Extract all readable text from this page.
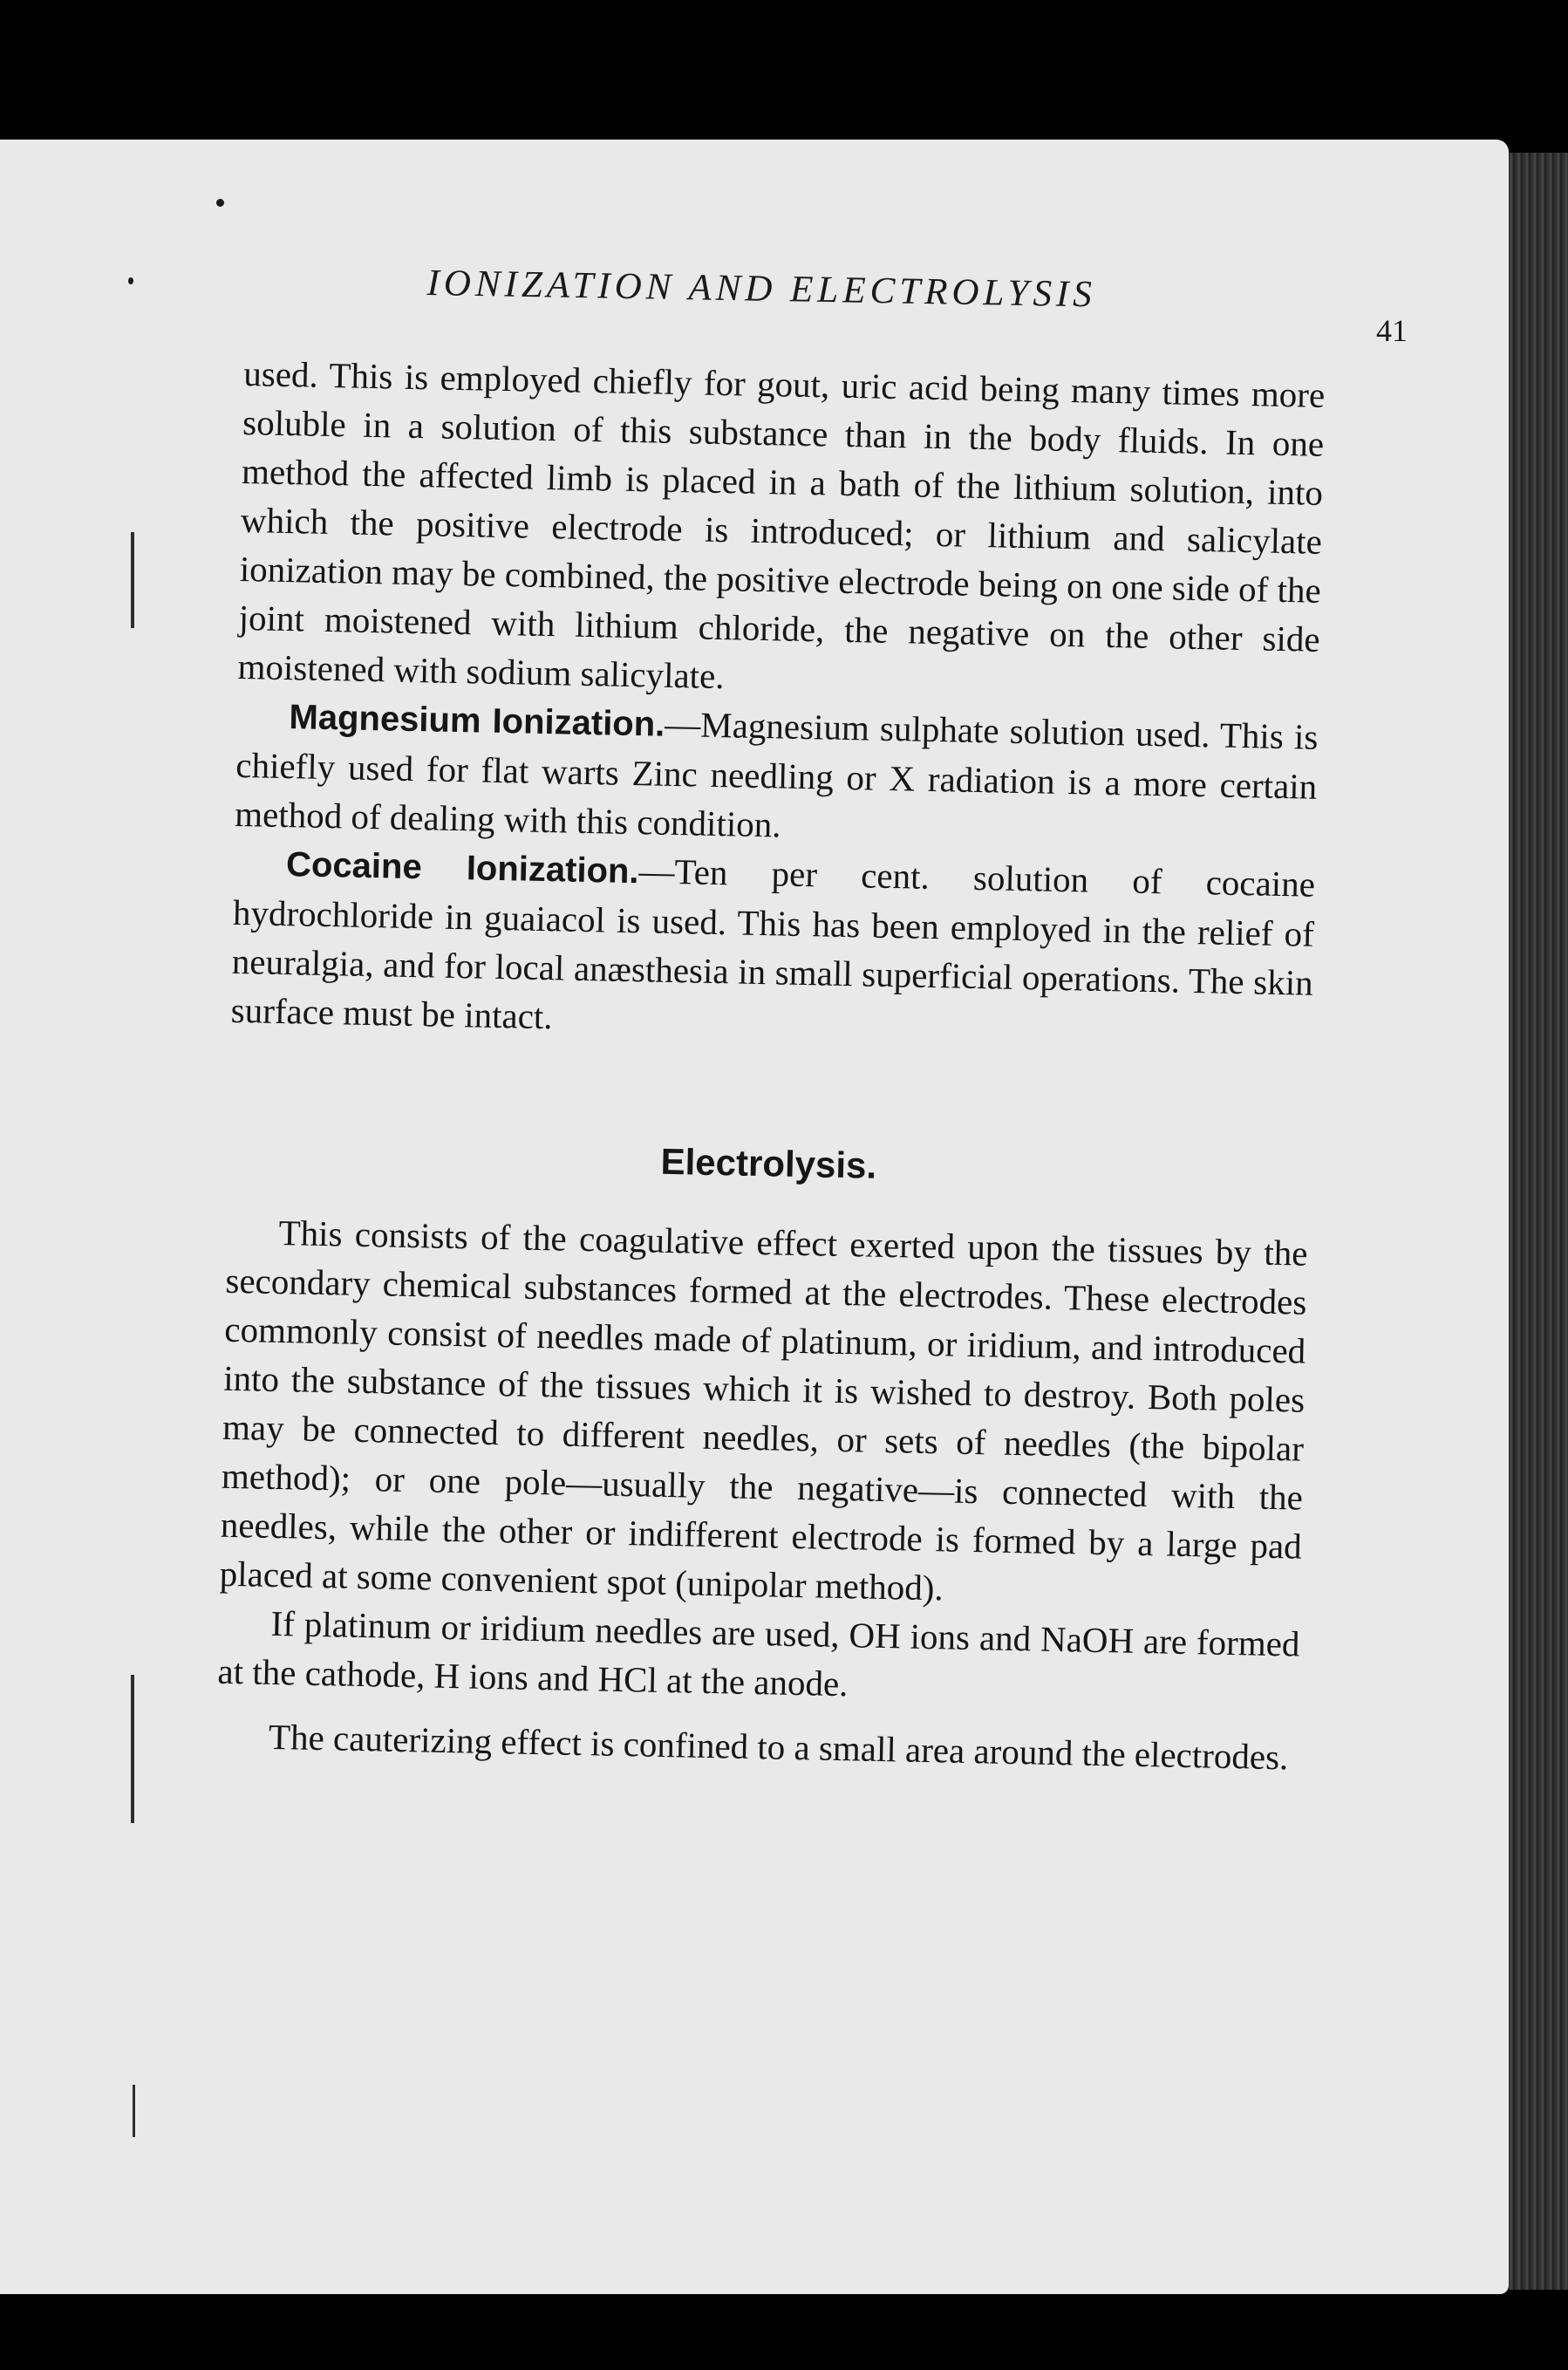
IONIZATION AND ELECTROLYSIS
41

used. This is employed chiefly for gout, uric acid being many times more soluble in a solution of this substance than in the body fluids. In one method the affected limb is placed in a bath of the lithium solution, into which the positive electrode is introduced; or lithium and salicylate ionization may be combined, the positive electrode being on one side of the joint moistened with lithium chloride, the negative on the other side moistened with sodium salicylate.

Magnesium Ionization.—Magnesium sulphate solution used. This is chiefly used for flat warts Zinc needling or X radiation is a more certain method of dealing with this condition.

Cocaine Ionization.—Ten per cent. solution of cocaine hydrochloride in guaiacol is used. This has been employed in the relief of neuralgia, and for local anæsthesia in small superficial operations. The skin surface must be intact.

Electrolysis.

This consists of the coagulative effect exerted upon the tissues by the secondary chemical substances formed at the electrodes. These electrodes commonly consist of needles made of platinum, or iridium, and introduced into the substance of the tissues which it is wished to destroy. Both poles may be connected to different needles, or sets of needles (the bipolar method); or one pole—usually the negative—is connected with the needles, while the other or indifferent electrode is formed by a large pad placed at some convenient spot (unipolar method).

If platinum or iridium needles are used, OH ions and NaOH are formed at the cathode, H ions and HCl at the anode.

The cauterizing effect is confined to a small area around the electrodes.
